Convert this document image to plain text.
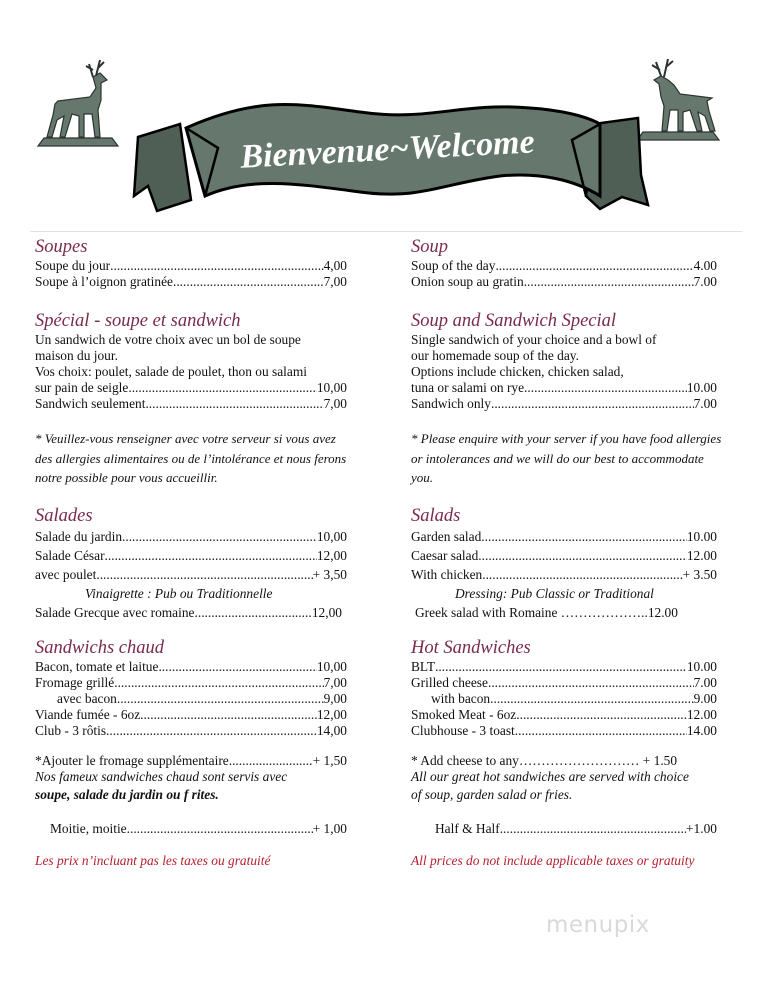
Bienvenue~Welcome
Soupes
Soupe du jour .....	4,00
Soupe à l’oignon gratinée .....	7,00
Spécial - soupe et sandwich
Un sandwich de votre choix avec un bol de soupe
maison du jour.
Vos choix: poulet, salade de poulet, thon ou salami
sur pain de seigle .....	10,00
Sandwich seulement .....	7,00
* Veuillez-vous renseigner avec votre serveur si vous avez des allergies alimentaires ou de l’intolérance et nous ferons notre possible pour vous accueillir.
Salades
Salade du jardin .....	10,00
Salade César .....	12,00
avec poulet .....	+ 3,50
Vinaigrette : Pub ou Traditionnelle
Salade Grecque avec romaine .....	12,00
Sandwichs chaud
Bacon, tomate et laitue .....	10,00
Fromage grillé .....	7,00
avec bacon .....	9,00
Viande fumée - 6oz .....	12,00
Club - 3 rôtis .....	14,00
*Ajouter le fromage supplémentaire .....	+ 1,50
Nos fameux sandwiches chaud sont servis avec
soupe, salade du jardin ou f rites.
Moitie, moitie .....	+ 1,00
Les prix n’incluant pas les taxes ou gratuité
Soup
Soup of the day .....	4.00
Onion soup au gratin .....	7.00
Soup and Sandwich Special
Single sandwich of your choice and a bowl of
our homemade soup of the day.
Options include chicken, chicken salad,
tuna or salami on rye .....	10.00
Sandwich only .....	7.00
* Please enquire with your server if you have food allergies or intolerances and we will do our best to accommodate you.
Salads
Garden salad .....	10.00
Caesar salad .....	12.00
With chicken .....	+ 3.50
Dressing: Pub Classic or Traditional
Greek salad with Romaine ………………..12.00
Hot Sandwiches
BLT .....	10.00
Grilled cheese .....	7.00
with bacon .....	9.00
Smoked Meat - 6oz .....	12.00
Clubhouse - 3 toast .....	14.00
* Add cheese to any……………………… + 1.50
All our great hot sandwiches are served with choice
of soup, garden salad or fries.
Half & Half .....	+1.00
All prices do not include applicable taxes or gratuity
menupix
